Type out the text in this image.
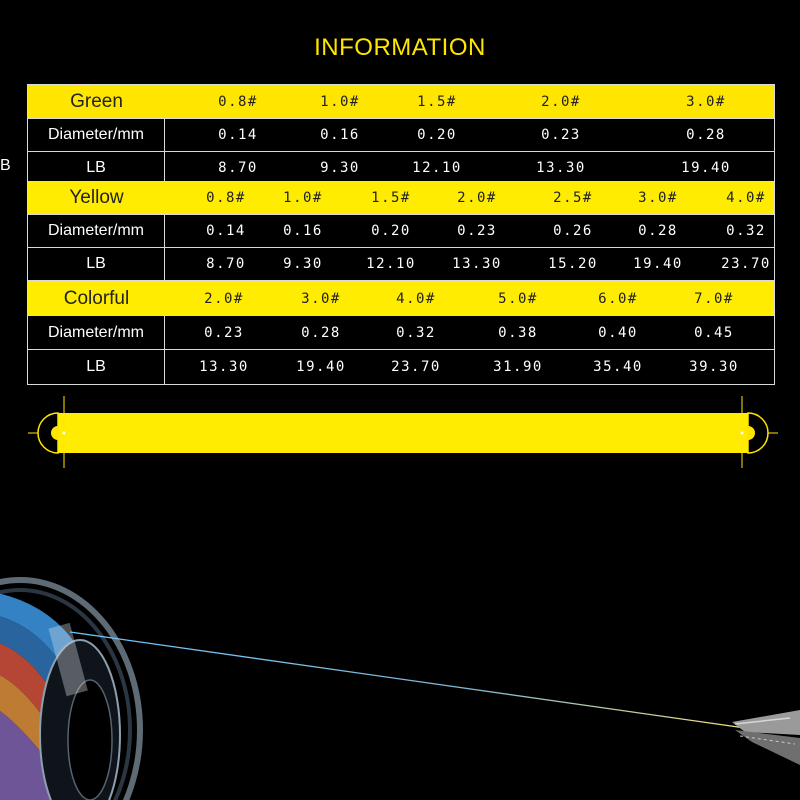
INFORMATION
B
Green	0.8#	1.0#	1.5#	2.0#	3.0#
Diameter/mm	0.14	0.16	0.20	0.23	0.28
LB	8.70	9.30	12.10	13.30	19.40
Yellow	0.8#	1.0#	1.5#	2.0#	2.5#	3.0#	4.0#
Diameter/mm	0.14	0.16	0.20	0.23	0.26	0.28	0.32
LB	8.70	9.30	12.10	13.30	15.20	19.40	23.70
Colorful	2.0#	3.0#	4.0#	5.0#	6.0#	7.0#
Diameter/mm	0.23	0.28	0.32	0.38	0.40	0.45
LB	13.30	19.40	23.70	31.90	35.40	39.30
